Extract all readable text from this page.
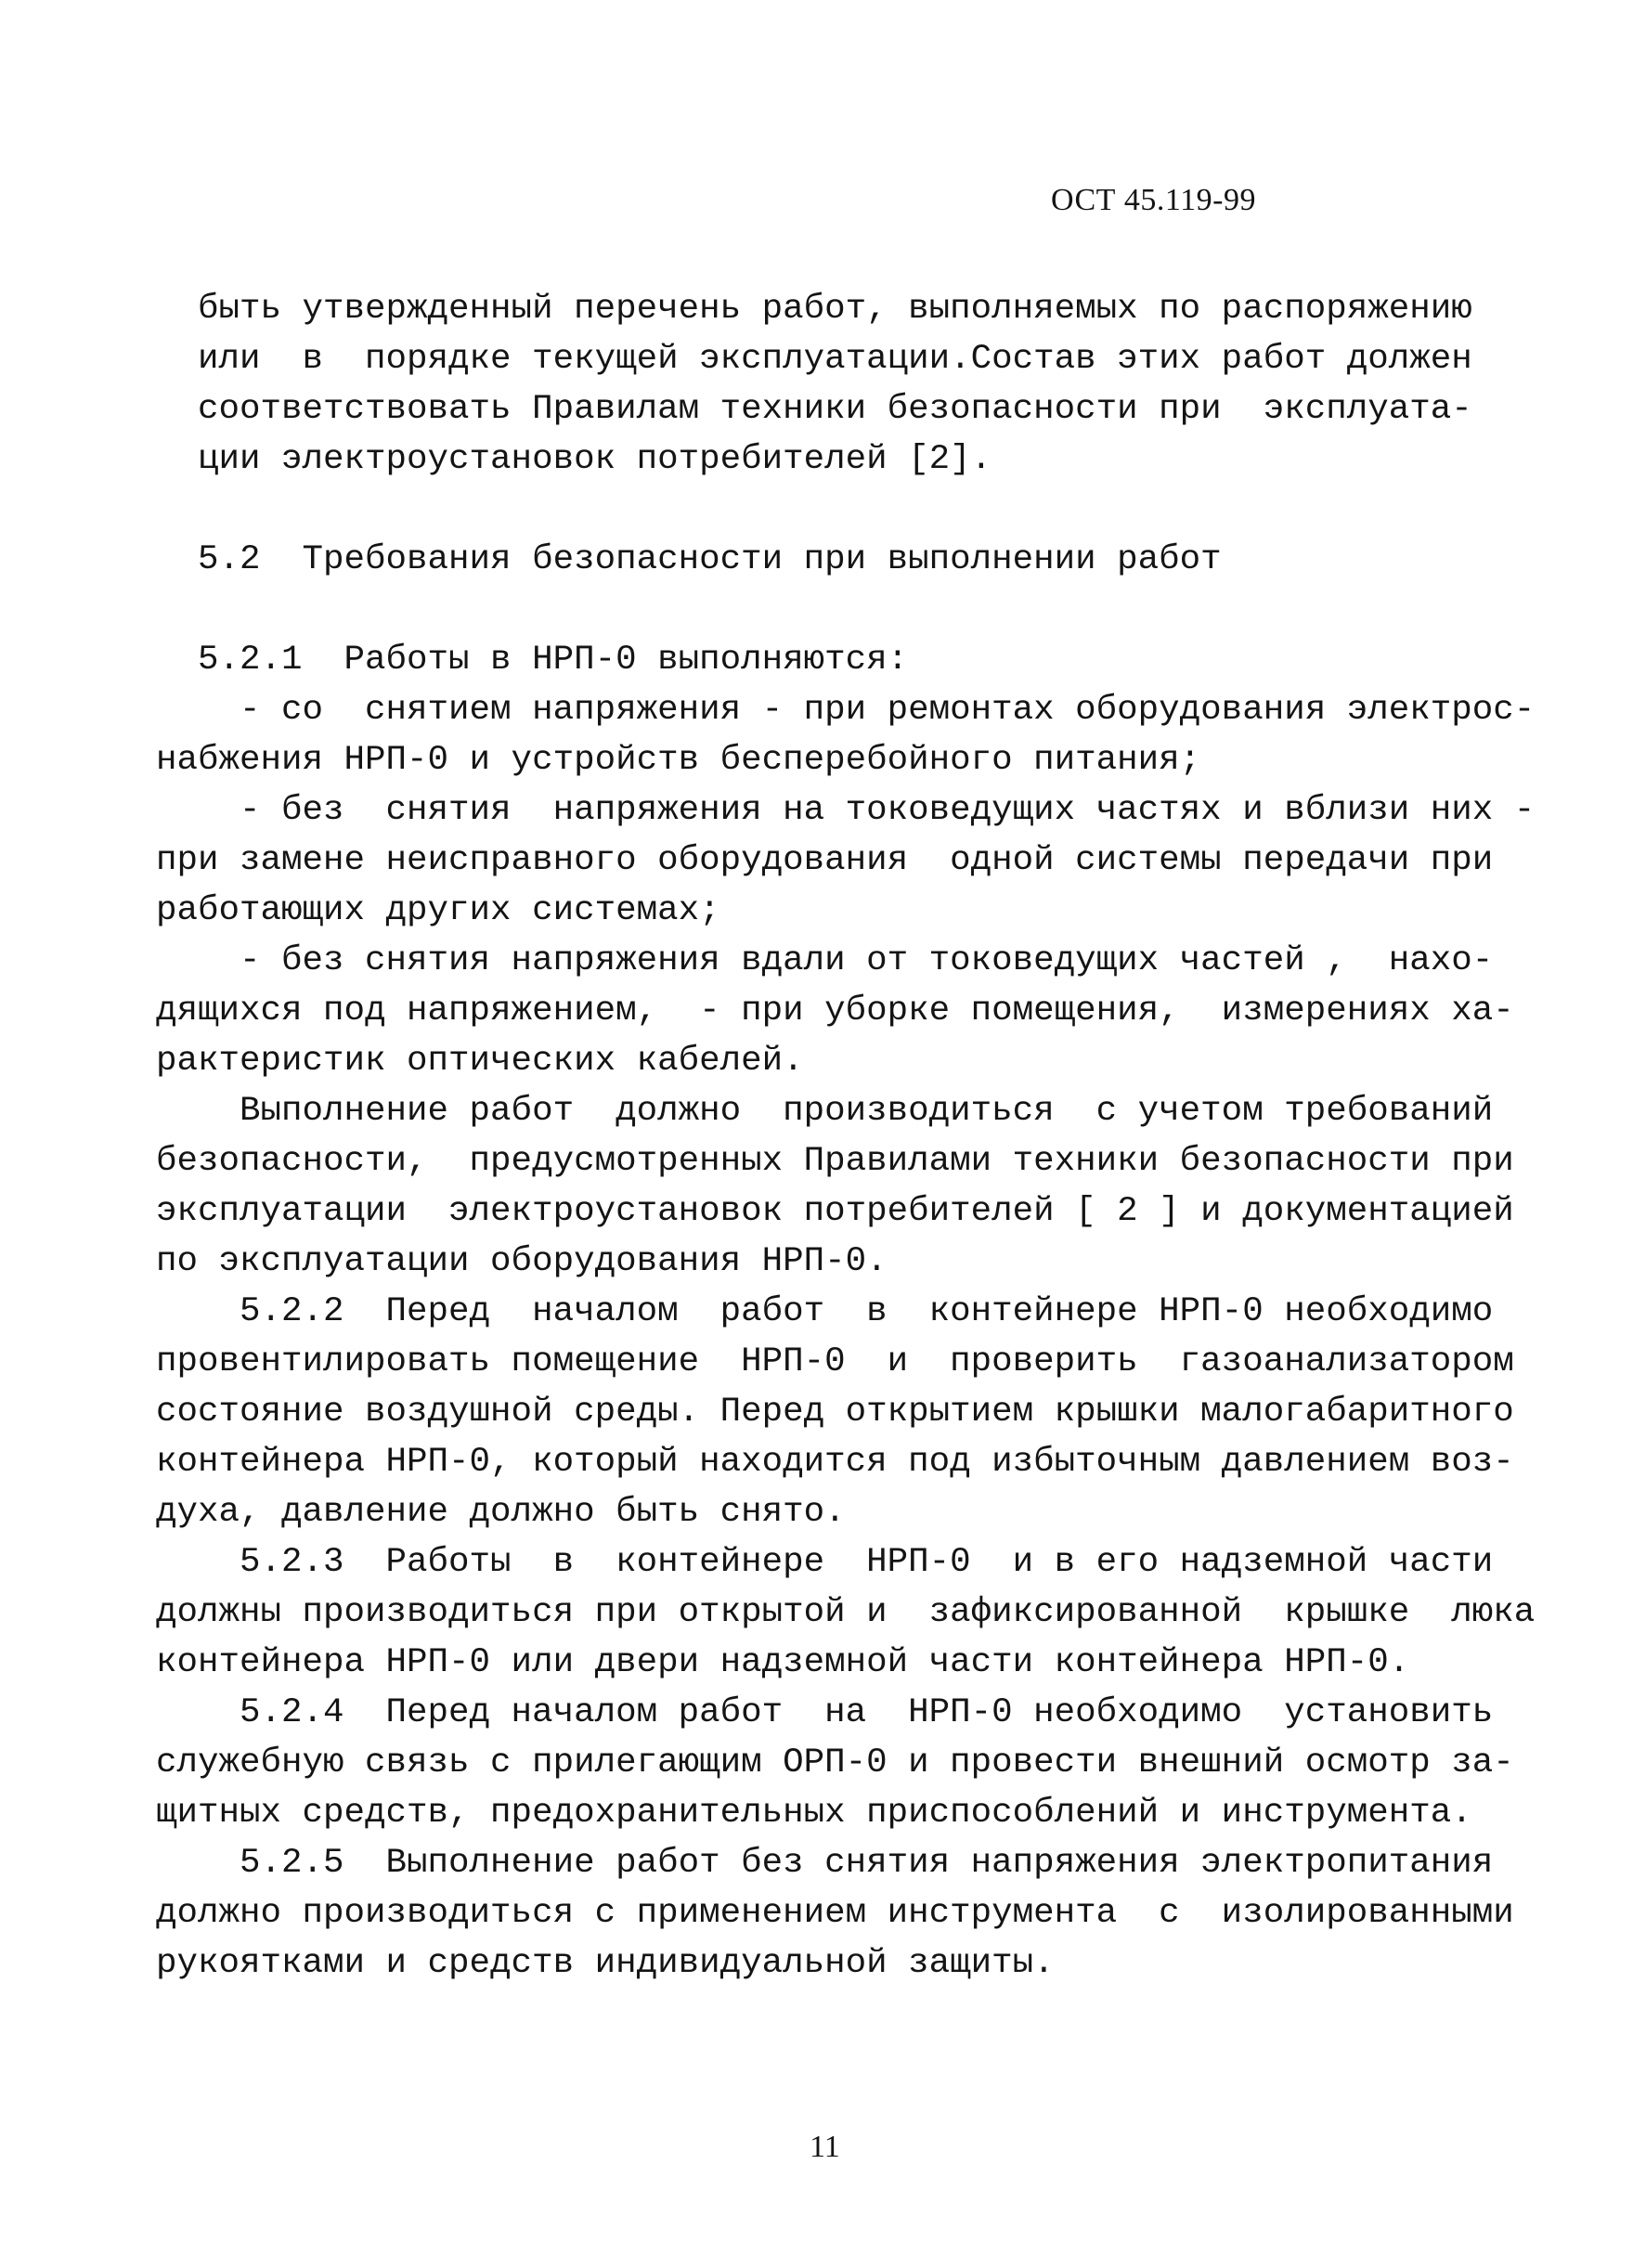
ОСТ 45.119-99
быть утвержденный перечень работ, выполняемых по распоряжению
или  в  порядке текущей эксплуатации.Состав этих работ должен
соответствовать Правилам техники безопасности при  эксплуата-
ции электроустановок потребителей [2].
5.2  Требования безопасности при выполнении работ
5.2.1  Работы в НРП-0 выполняются:
- со  снятием напряжения - при ремонтах оборудования электрос-
набжения НРП-0 и устройств бесперебойного питания;
- без  снятия  напряжения на токоведущих частях и вблизи них -
при замене неисправного оборудования  одной системы передачи при
работающих других системах;
- без снятия напряжения вдали от токоведущих частей ,  нахо-
дящихся под напряжением,  - при уборке помещения,  измерениях ха-
рактеристик оптических кабелей.
Выполнение работ  должно  производиться  с учетом требований
безопасности,  предусмотренных Правилами техники безопасности при
эксплуатации  электроустановок потребителей [ 2 ] и документацией
по эксплуатации оборудования НРП-0.
5.2.2  Перед  началом  работ  в  контейнере НРП-0 необходимо
провентилировать помещение  НРП-0  и  проверить  газоанализатором
состояние воздушной среды. Перед открытием крышки малогабаритного
контейнера НРП-0, который находится под избыточным давлением воз-
духа, давление должно быть снято.
5.2.3  Работы  в  контейнере  НРП-0  и в его надземной части
должны производиться при открытой и  зафиксированной  крышке  люка
контейнера НРП-0 или двери надземной части контейнера НРП-0.
5.2.4  Перед началом работ  на  НРП-0 необходимо  установить
служебную связь с прилегающим ОРП-0 и провести внешний осмотр за-
щитных средств, предохранительных приспособлений и инструмента.
5.2.5  Выполнение работ без снятия напряжения электропитания
должно производиться с применением инструмента  с  изолированными
рукоятками и средств индивидуальной защиты.
11
